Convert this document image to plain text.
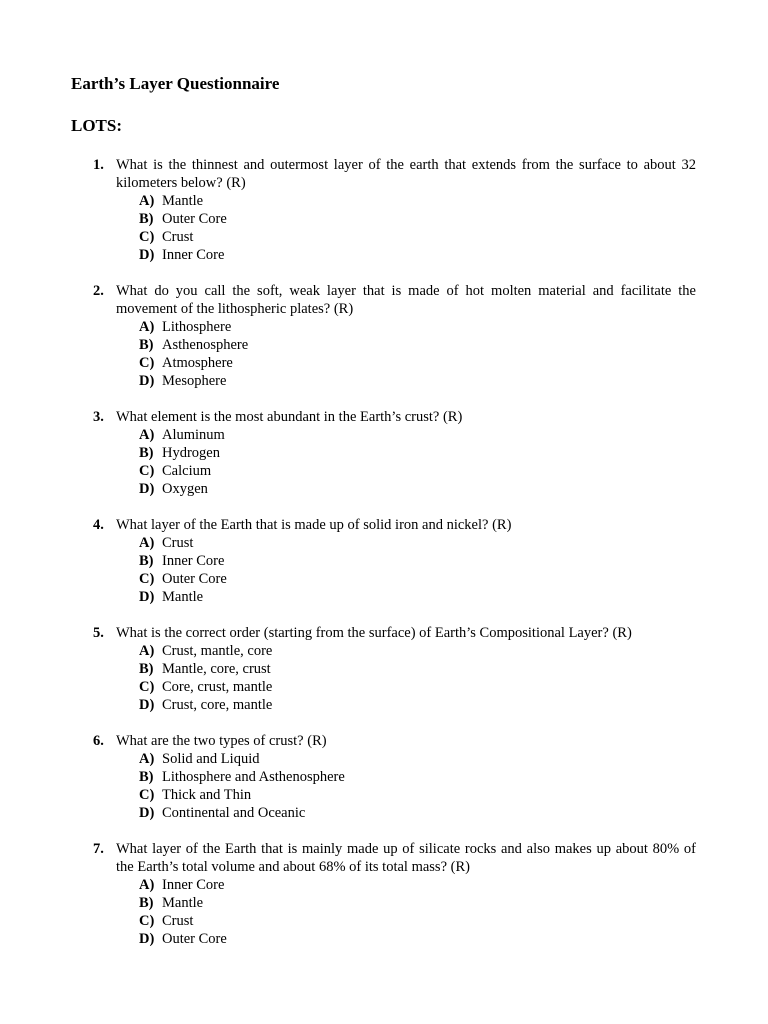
Earth’s Layer Questionnaire
LOTS:
1. What is the thinnest and outermost layer of the earth that extends from the surface to about 32 kilometers below? (R)
A) Mantle
B) Outer Core
C) Crust
D) Inner Core
2. What do you call the soft, weak layer that is made of hot molten material and facilitate the movement of the lithospheric plates? (R)
A) Lithosphere
B) Asthenosphere
C) Atmosphere
D) Mesophere
3. What element is the most abundant in the Earth’s crust? (R)
A) Aluminum
B) Hydrogen
C) Calcium
D) Oxygen
4. What layer of the Earth that is made up of solid iron and nickel? (R)
A) Crust
B) Inner Core
C) Outer Core
D) Mantle
5. What is the correct order (starting from the surface) of Earth’s Compositional Layer? (R)
A) Crust, mantle, core
B) Mantle, core, crust
C) Core, crust, mantle
D) Crust, core, mantle
6. What are the two types of crust? (R)
A) Solid and Liquid
B) Lithosphere and Asthenosphere
C) Thick and Thin
D) Continental and Oceanic
7. What layer of the Earth that is mainly made up of silicate rocks and also makes up about 80% of the Earth’s total volume and about 68% of its total mass? (R)
A) Inner Core
B) Mantle
C) Crust
D) Outer Core
